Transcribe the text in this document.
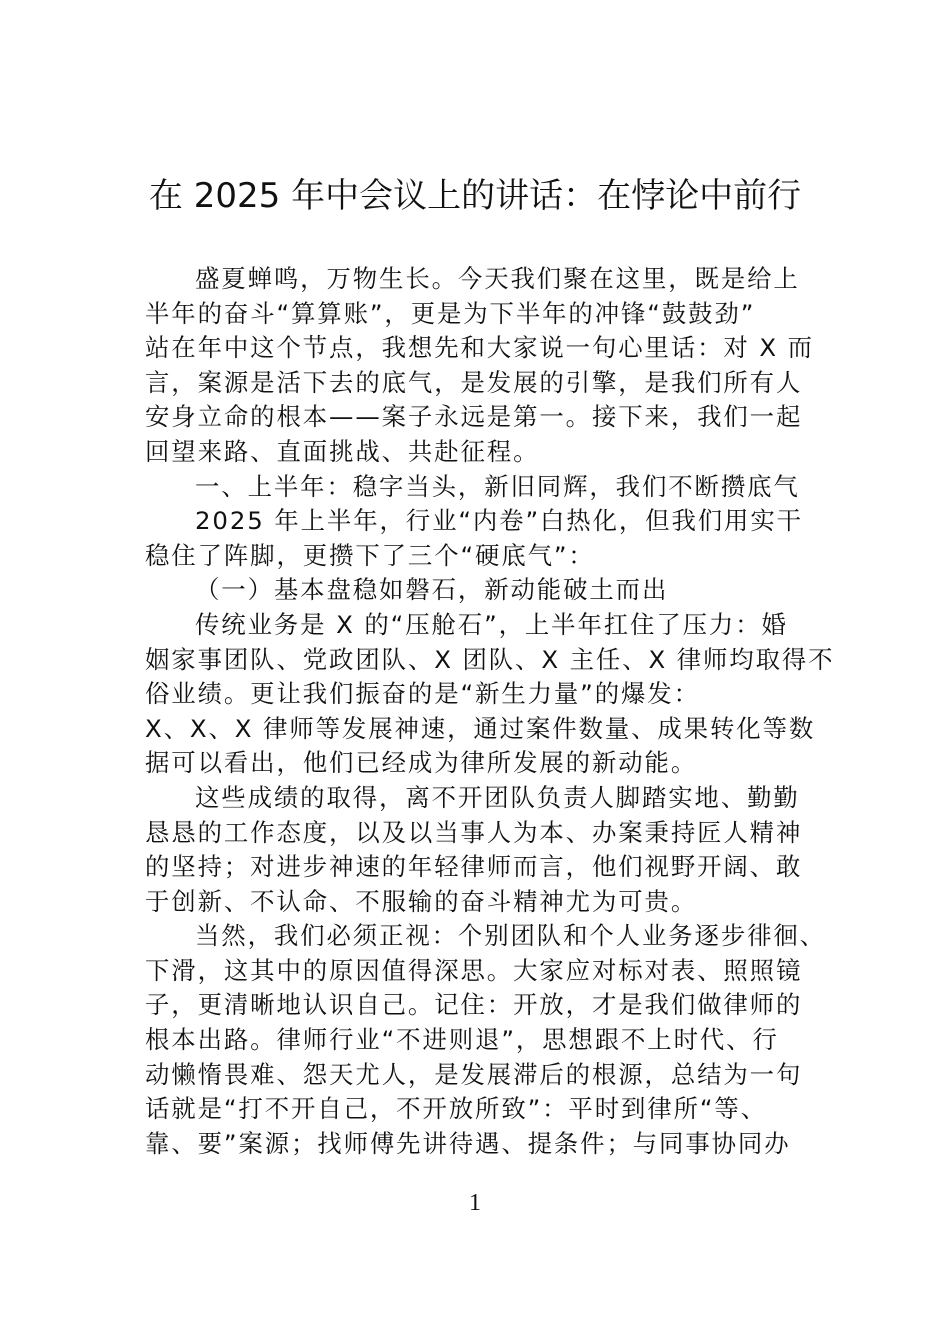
在 2025 年中会议上的讲话：在悖论中前行
盛夏蝉鸣，万物生长。今天我们聚在这里，既是给上
半年的奋斗“算算账”，更是为下半年的冲锋“鼓鼓劲”
站在年中这个节点，我想先和大家说一句心里话：对 X 而
言，案源是活下去的底气，是发展的引擎，是我们所有人
安身立命的根本——案子永远是第一。接下来，我们一起
回望来路、直面挑战、共赴征程。
一、上半年：稳字当头，新旧同辉，我们不断攒底气
2025 年上半年，行业“内卷”白热化，但我们用实干
稳住了阵脚，更攒下了三个“硬底气”：
（一）基本盘稳如磐石，新动能破土而出
传统业务是 X 的“压舱石”，上半年扛住了压力：婚
姻家事团队、党政团队、X 团队、X 主任、X 律师均取得不
俗业绩。更让我们振奋的是“新生力量”的爆发：
X、X、X 律师等发展神速，通过案件数量、成果转化等数
据可以看出，他们已经成为律所发展的新动能。
这些成绩的取得，离不开团队负责人脚踏实地、勤勤
恳恳的工作态度，以及以当事人为本、办案秉持匠人精神
的坚持；对进步神速的年轻律师而言，他们视野开阔、敢
于创新、不认命、不服输的奋斗精神尤为可贵。
当然，我们必须正视：个别团队和个人业务逐步徘徊、
下滑，这其中的原因值得深思。大家应对标对表、照照镜
子，更清晰地认识自己。记住：开放，才是我们做律师的
根本出路。律师行业“不进则退”，思想跟不上时代、行
动懒惰畏难、怨天尤人，是发展滞后的根源，总结为一句
话就是“打不开自己，不开放所致”：平时到律所“等、
靠、要”案源；找师傅先讲待遇、提条件；与同事协同办
1
